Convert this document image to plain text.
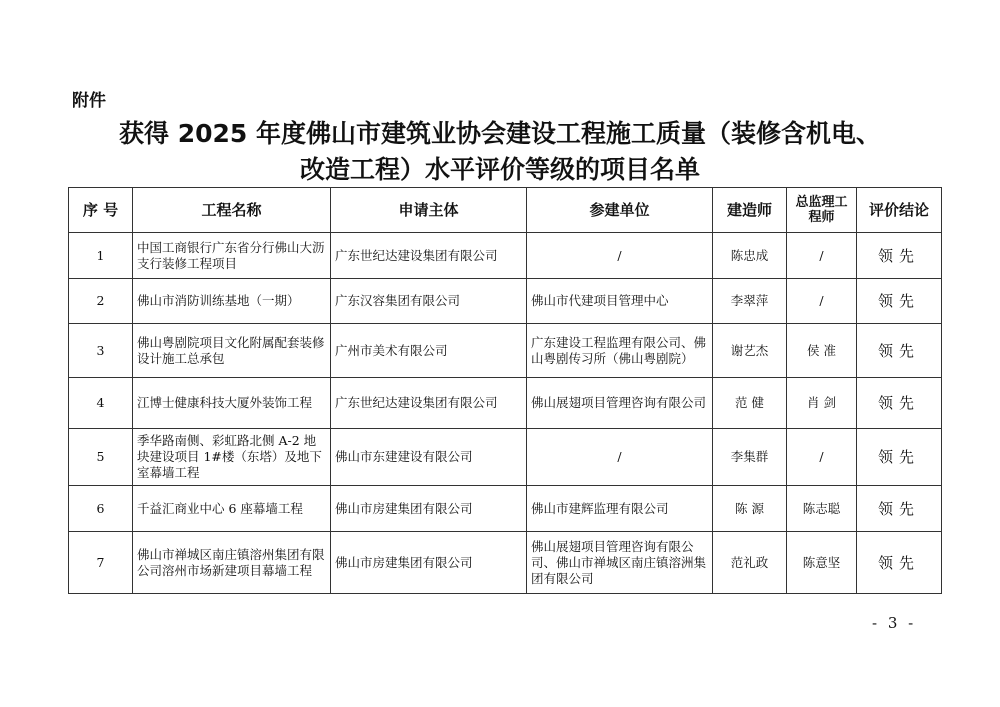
附件
获得 2025 年度佛山市建筑业协会建设工程施工质量（装修含机电、
改造工程）水平评价等级的项目名单
序 号	工程名称	申请主体	参建单位	建造师	总监理工程师	评价结论
1	中国工商银行广东省分行佛山大沥支行装修工程项目	广东世纪达建设集团有限公司	/	陈忠成	/	领先
2	佛山市消防训练基地（一期）	广东汉容集团有限公司	佛山市代建项目管理中心	李翠萍	/	领先
3	佛山粤剧院项目文化附属配套装修设计施工总承包	广州市美术有限公司	广东建设工程监理有限公司、佛山粤剧传习所（佛山粤剧院）	谢艺杰	侯 准	领先
4	江博士健康科技大厦外装饰工程	广东世纪达建设集团有限公司	佛山展翅项目管理咨询有限公司	范 健	肖 剑	领先
5	季华路南侧、彩虹路北侧 A-2 地块建设项目 1#楼（东塔）及地下室幕墙工程	佛山市东建建设有限公司	/	李集群	/	领先
6	千益汇商业中心 6 座幕墙工程	佛山市房建集团有限公司	佛山市建辉监理有限公司	陈 源	陈志聪	领先
7	佛山市禅城区南庄镇溶州集团有限公司溶州市场新建项目幕墙工程	佛山市房建集团有限公司	佛山展翅项目管理咨询有限公司、佛山市禅城区南庄镇溶洲集团有限公司	范礼政	陈意坚	领先
- 3 -
